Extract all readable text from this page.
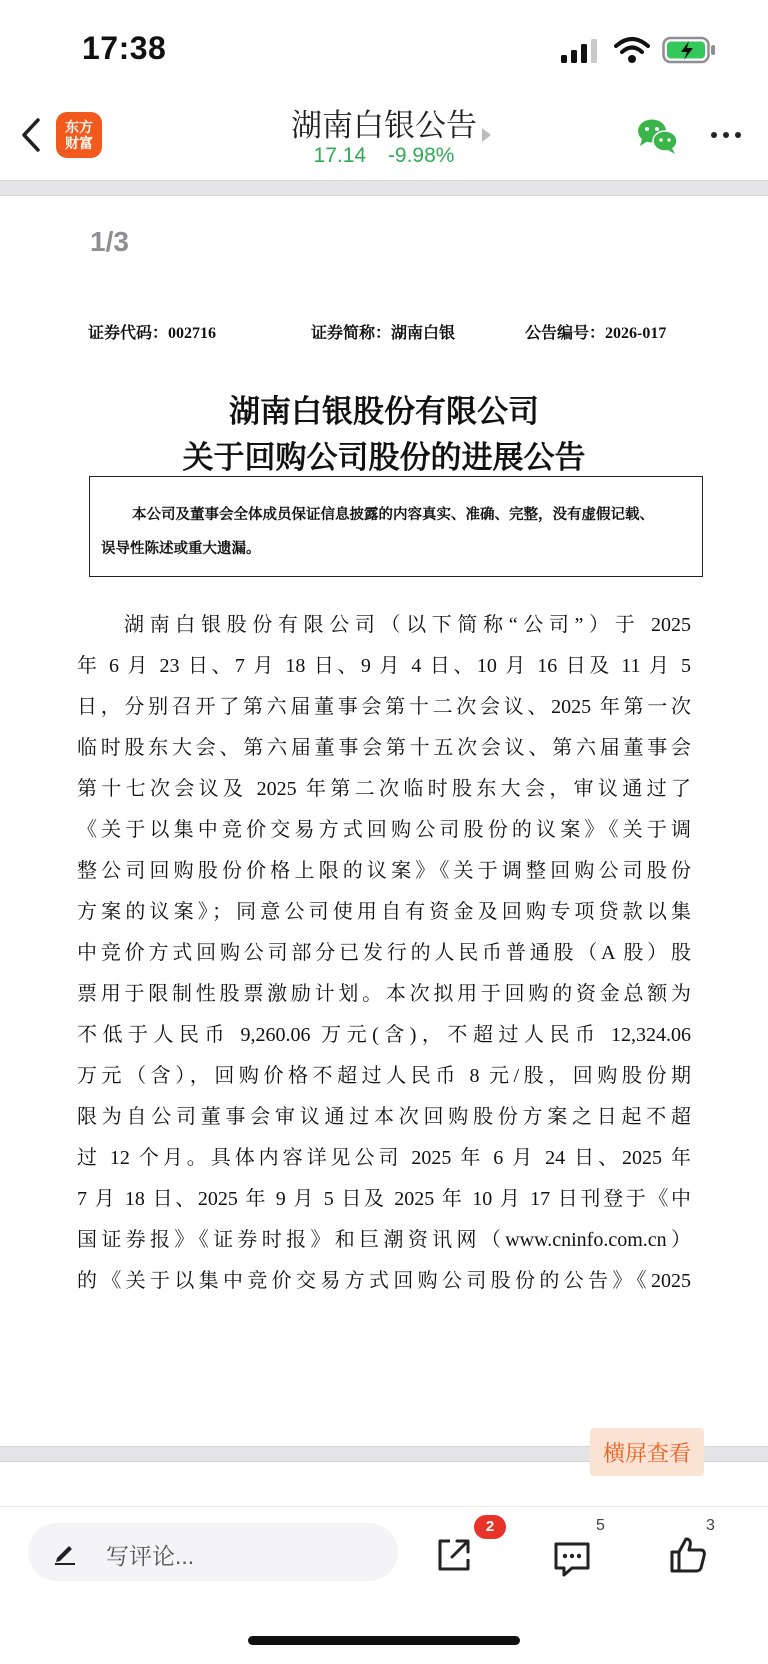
17:38
东方财富	湖南白银公告
17.14 -9.98%
1/3
证券代码：002716	证券简称：湖南白银	公告编号：2026-017
湖南白银股份有限公司
关于回购公司股份的进展公告
本公司及董事会全体成员保证信息披露的内容真实、准确、完整，没有虚假记载、
误导性陈述或重大遗漏。
湖南白银股份有限公司（以下简称“公司”）于 2025
年 6 月 23 日、7 月 18 日、9 月 4 日、10 月 16 日及 11 月 5
日，分别召开了第六届董事会第十二次会议、2025 年第一次
临时股东大会、第六届董事会第十五次会议、第六届董事会
第十七次会议及 2025 年第二次临时股东大会，审议通过了
《关于以集中竞价交易方式回购公司股份的议案》《关于调
整公司回购股份价格上限的议案》《关于调整回购公司股份
方案的议案》；同意公司使用自有资金及回购专项贷款以集
中竞价方式回购公司部分已发行的人民币普通股（A 股）股
票用于限制性股票激励计划。本次拟用于回购的资金总额为
不低于人民币 9,260.06 万元(含)，不超过人民币 12,324.06
万元（含），回购价格不超过人民币 8 元/股，回购股份期
限为自公司董事会审议通过本次回购股份方案之日起不超
过 12 个月。具体内容详见公司 2025 年 6 月 24 日、2025 年
7 月 18 日、2025 年 9 月 5 日及 2025 年 10 月 17 日刊登于《中
国证券报》《证券时报》和巨潮资讯网（www.cninfo.com.cn）
的《关于以集中竞价交易方式回购公司股份的公告》《2025
横屏查看
写评论...
2	5	3
